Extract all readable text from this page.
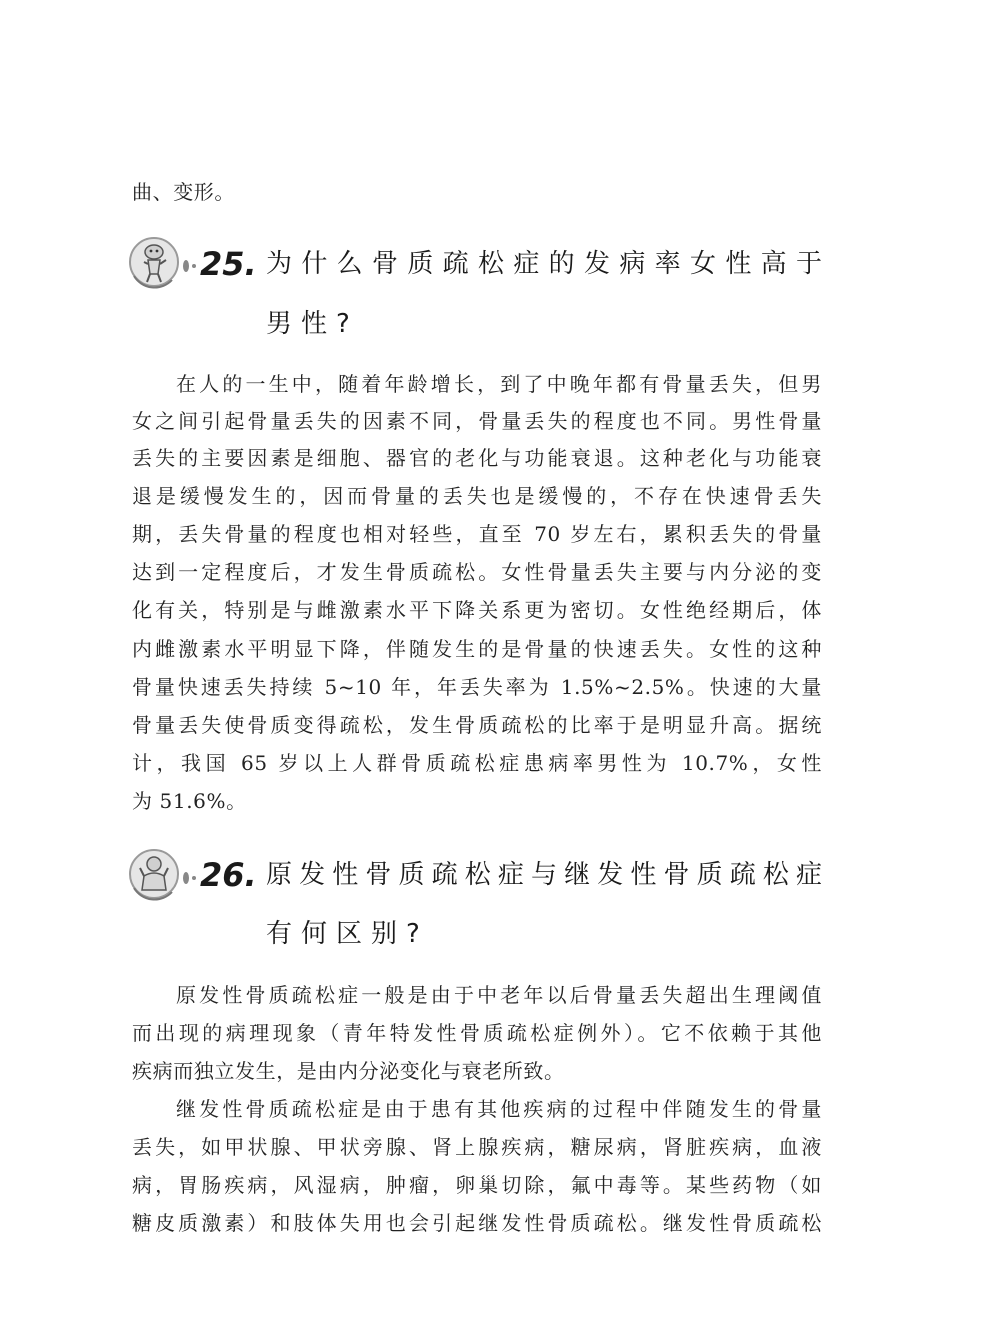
曲、变形。
25. 为什么骨质疏松症的发病率女性高于
男性?
在人的一生中，随着年龄增长，到了中晚年都有骨量丢失，但男
女之间引起骨量丢失的因素不同，骨量丢失的程度也不同。男性骨量
丢失的主要因素是细胞、器官的老化与功能衰退。这种老化与功能衰
退是缓慢发生的，因而骨量的丢失也是缓慢的，不存在快速骨丢失
期，丢失骨量的程度也相对轻些，直至 70 岁左右，累积丢失的骨量
达到一定程度后，才发生骨质疏松。女性骨量丢失主要与内分泌的变
化有关，特别是与雌激素水平下降关系更为密切。女性绝经期后，体
内雌激素水平明显下降，伴随发生的是骨量的快速丢失。女性的这种
骨量快速丢失持续 5~10 年，年丢失率为 1.5%~2.5%。快速的大量
骨量丢失使骨质变得疏松，发生骨质疏松的比率于是明显升高。据统
计，我国 65 岁以上人群骨质疏松症患病率男性为 10.7%，女性
为 51.6%。
26. 原发性骨质疏松症与继发性骨质疏松症
有何区别?
原发性骨质疏松症一般是由于中老年以后骨量丢失超出生理阈值
而出现的病理现象（青年特发性骨质疏松症例外）。它不依赖于其他
疾病而独立发生，是由内分泌变化与衰老所致。
继发性骨质疏松症是由于患有其他疾病的过程中伴随发生的骨量
丢失，如甲状腺、甲状旁腺、肾上腺疾病，糖尿病，肾脏疾病，血液
病，胃肠疾病，风湿病，肿瘤，卵巢切除，氟中毒等。某些药物（如
糖皮质激素）和肢体失用也会引起继发性骨质疏松。继发性骨质疏松
